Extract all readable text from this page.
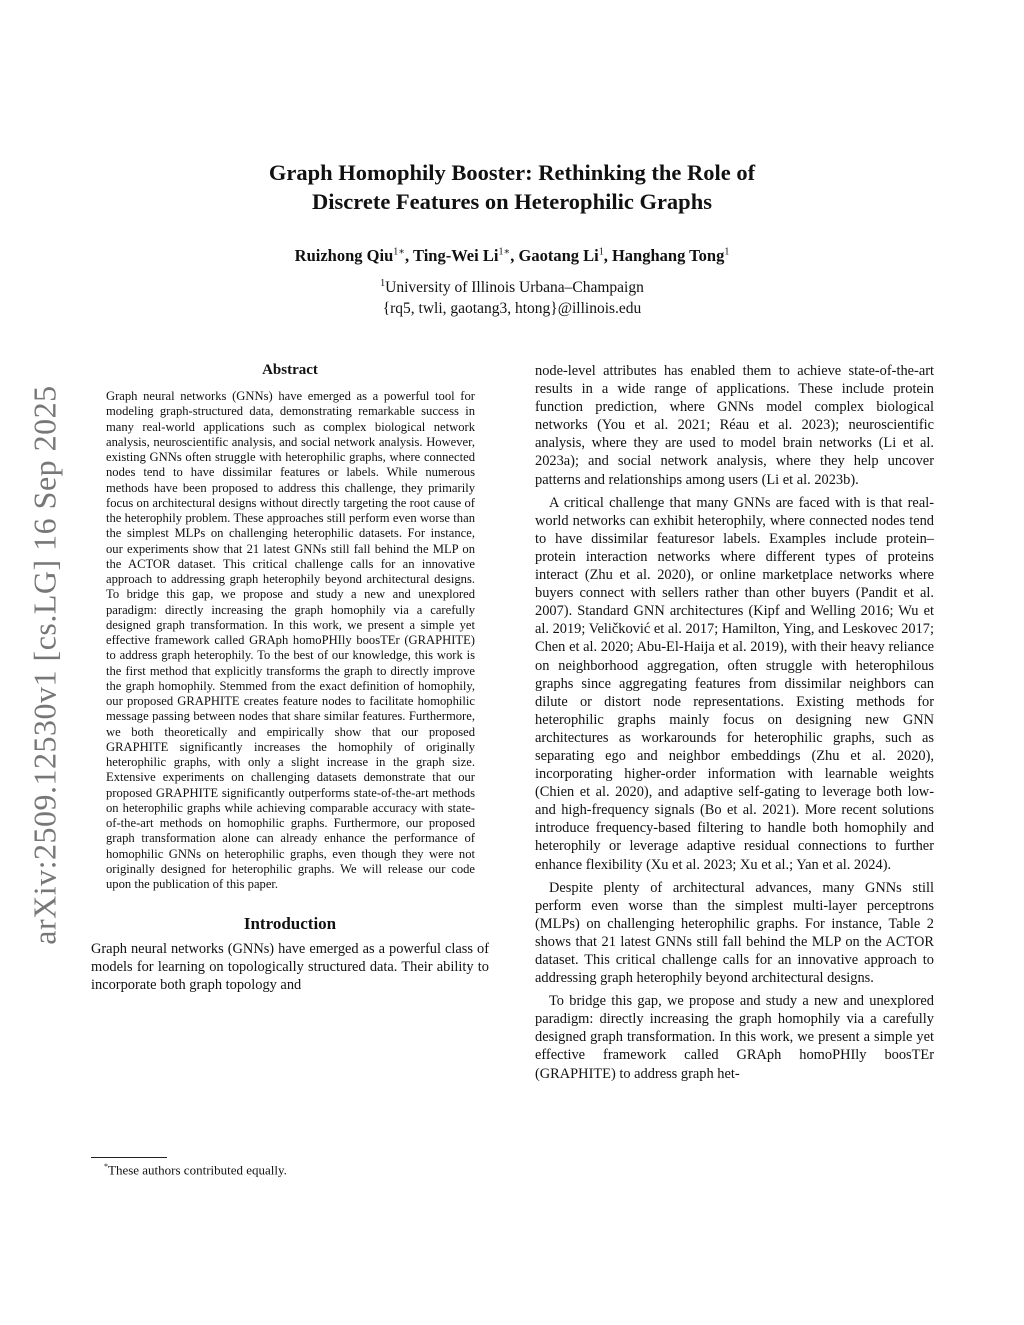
arXiv:2509.12530v1 [cs.LG] 16 Sep 2025
Graph Homophily Booster: Rethinking the Role of
Discrete Features on Heterophilic Graphs
Ruizhong Qiu$^{1∗}$, Ting-Wei $Li^{1∗}$, Gaotang Li$^1$, Hanghang Tong$^1$
$^1$University of Illinois Urbana–Champaign
{rq5, twli, gaotang3, htong}@illinois.edu
Abstract

Graph neural networks (GNNs) have emerged as a powerful tool for modeling graph-structured data, demonstrating remarkable success in many real-world applications such as complex biological network analysis, neuroscientific analysis, and social network analysis. However, existing GNNs often struggle with heterophilic graphs, where connected nodes tend to have dissimilar features or labels. While numerous methods have been proposed to address this challenge, they primarily focus on architectural designs without directly targeting the root cause of the heterophily problem. These approaches still perform even worse than the simplest MLPs on challenging heterophilic datasets. For instance, our experiments show that 21 latest GNNs still fall behind the MLP on the ACTOR dataset. This critical challenge calls for an innovative approach to addressing graph heterophily beyond architectural designs. To bridge this gap, we propose and study a new and unexplored paradigm: directly increasing the graph homophily via a carefully designed graph transformation. In this work, we present a simple yet effective framework called GRAph homoPHIly boosTEr (GRAPHITE) to address graph heterophily. To the best of our knowledge, this work is the first method that explicitly transforms the graph to directly improve the graph homophily. Stemmed from the exact definition of homophily, our proposed GRAPHITE creates feature nodes to facilitate homophilic message passing between nodes that share similar features. Furthermore, we both theoretically and empirically show that our proposed GRAPHITE significantly increases the homophily of originally heterophilic graphs, with only a slight increase in the graph size. Extensive experiments on challenging datasets demonstrate that our proposed GRAPHITE significantly outperforms state-of-the-art methods on heterophilic graphs while achieving comparable accuracy with state-of-the-art methods on homophilic graphs. Furthermore, our proposed graph transformation alone can already enhance the performance of homophilic GNNs on heterophilic graphs, even though they were not originally designed for heterophilic graphs. We will release our code upon the publication of this paper.

Introduction

Graph neural networks (GNNs) have emerged as a powerful class of models for learning on topologically structured data. Their ability to incorporate both graph topology and

*These authors contributed equally.

node-level attributes has enabled them to achieve state-of-the-art results in a wide range of applications. These include protein function prediction, where GNNs model complex biological networks (You et al. 2021; Réau et al. 2023); neuroscientific analysis, where they are used to model brain networks (Li et al. 2023a); and social network analysis, where they help uncover patterns and relationships among users (Li et al. 2023b).

A critical challenge that many GNNs are faced with is that real-world networks can exhibit heterophily, where connected nodes tend to have dissimilar featuresor labels. Examples include protein–protein interaction networks where different types of proteins interact (Zhu et al. 2020), or online marketplace networks where buyers connect with sellers rather than other buyers (Pandit et al. 2007). Standard GNN architectures (Kipf and Welling 2016; Wu et al. 2019; Veličković et al. 2017; Hamilton, Ying, and Leskovec 2017; Chen et al. 2020; Abu-El-Haija et al. 2019), with their heavy reliance on neighborhood aggregation, often struggle with heterophilous graphs since aggregating features from dissimilar neighbors can dilute or distort node representations. Existing methods for heterophilic graphs mainly focus on designing new GNN architectures as workarounds for heterophilic graphs, such as separating ego and neighbor embeddings (Zhu et al. 2020), incorporating higher-order information with learnable weights (Chien et al. 2020), and adaptive self-gating to leverage both low- and high-frequency signals (Bo et al. 2021). More recent solutions introduce frequency-based filtering to handle both homophily and heterophily or leverage adaptive residual connections to further enhance flexibility (Xu et al. 2023; Xu et al.; Yan et al. 2024).

Despite plenty of architectural advances, many GNNs still perform even worse than the simplest multi-layer perceptrons (MLPs) on challenging heterophilic graphs. For instance, Table 2 shows that 21 latest GNNs still fall behind the MLP on the ACTOR dataset. This critical challenge calls for an innovative approach to addressing graph heterophily beyond architectural designs.

To bridge this gap, we propose and study a new and unexplored paradigm: directly increasing the graph homophily via a carefully designed graph transformation. In this work, we present a simple yet effective framework called GRAph homoPHIly boosTEr (GRAPHITE) to address graph het-
